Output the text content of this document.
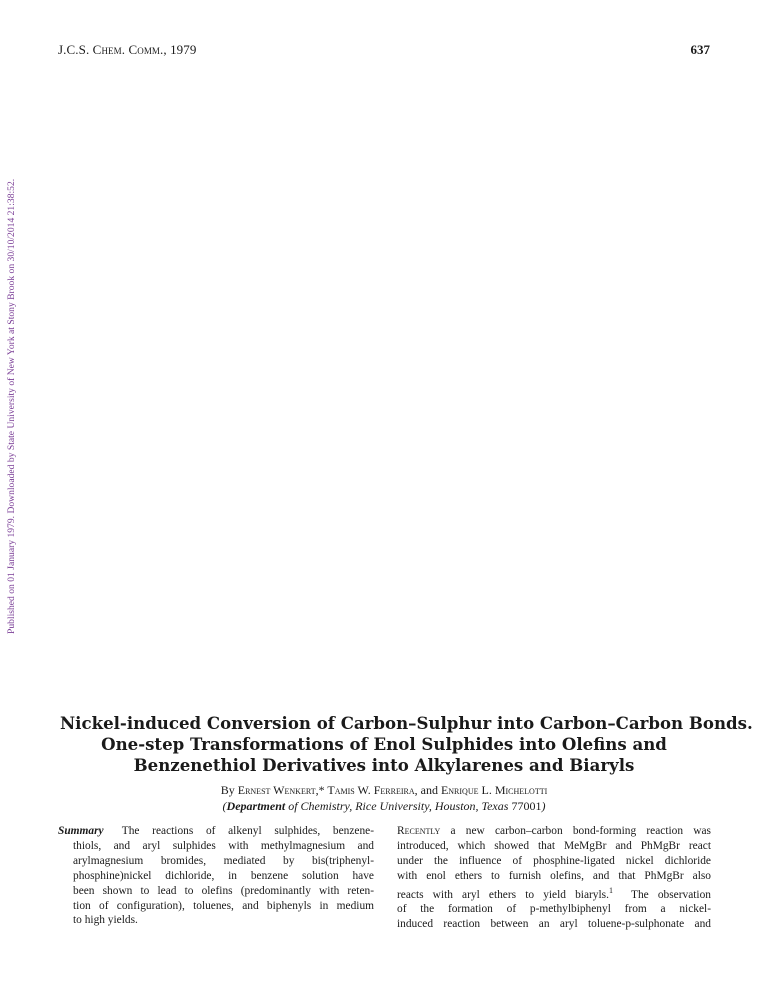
J.C.S. Chem. Comm., 1979	637
Published on 01 January 1979. Downloaded by State University of New York at Stony Brook on 30/10/2014 21:38:52.
Nickel-induced Conversion of Carbon–Sulphur into Carbon–Carbon Bonds.
One-step Transformations of Enol Sulphides into Olefins and
Benzenethiol Derivatives into Alkylarenes and Biaryls
By Ernest Wenkert,* Tamis W. Ferreira, and Enrique L. Michelotti
(Department of Chemistry, Rice University, Houston, Texas 77001)
Summary  The reactions of alkenyl sulphides, benzene-
thiols, and aryl sulphides with methylmagnesium and
arylmagnesium bromides, mediated by bis(triphenyl-
phosphine)nickel dichloride, in benzene solution have
been shown to lead to olefins (predominantly with reten-
tion of configuration), toluenes, and biphenyls in medium
to high yields.
Recently a new carbon–carbon bond-forming reaction was
introduced, which showed that MeMgBr and PhMgBr react
under the influence of phosphine-ligated nickel dichloride
with enol ethers to furnish olefins, and that PhMgBr also
reacts with aryl ethers to yield biaryls.$^1$  The observation
of the formation of p-methylbiphenyl from a nickel-
induced reaction between an aryl toluene-p-sulphonate and
